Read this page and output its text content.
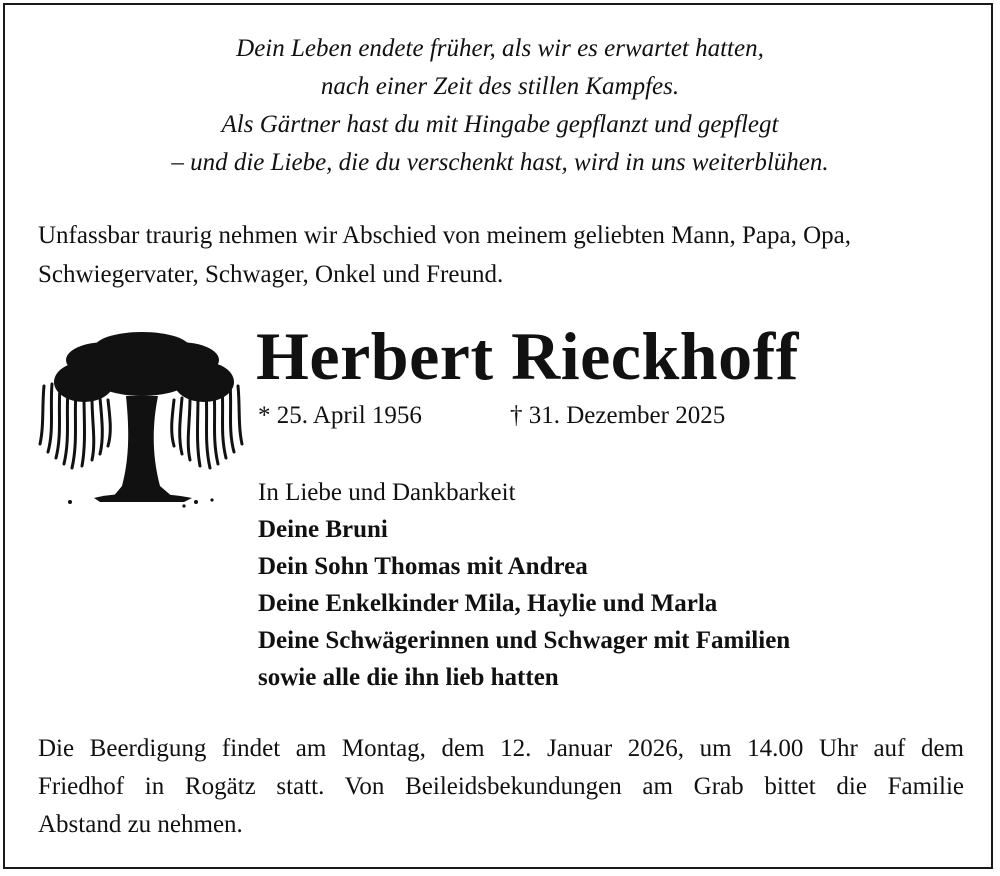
Dein Leben endete früher, als wir es erwartet hatten,
nach einer Zeit des stillen Kampfes.
Als Gärtner hast du mit Hingabe gepflanzt und gepflegt
– und die Liebe, die du verschenkt hast, wird in uns weiterblühen.
Unfassbar traurig nehmen wir Abschied von meinem geliebten Mann, Papa, Opa,
Schwiegervater, Schwager, Onkel und Freund.
Herbert Rieckhoff
* 25. April 1956	† 31. Dezember 2025
In Liebe und Dankbarkeit
Deine Bruni
Dein Sohn Thomas mit Andrea
Deine Enkelkinder Mila, Haylie und Marla
Deine Schwägerinnen und Schwager mit Familien
sowie alle die ihn lieb hatten
Die Beerdigung findet am Montag, dem 12. Januar 2026, um 14.00 Uhr auf dem
Friedhof in Rogätz statt. Von Beileidsbekundungen am Grab bittet die Familie
Abstand zu nehmen.
